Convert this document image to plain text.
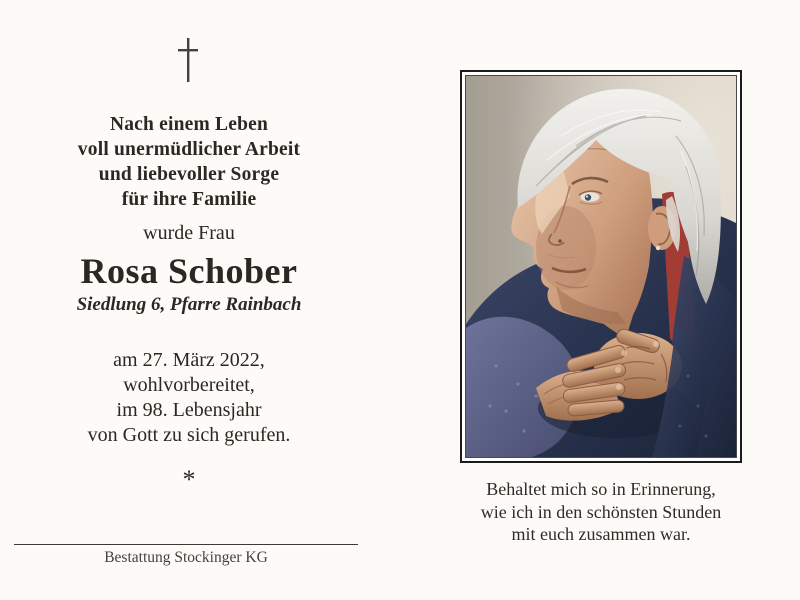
Nach einem Leben
voll unermüdlicher Arbeit
und liebevoller Sorge
für ihre Familie
wurde Frau
Rosa Schober
Siedlung 6, Pfarre Rainbach
am 27. März 2022,
wohlvorbereitet,
im 98. Lebensjahr
von Gott zu sich gerufen.
*
Bestattung Stockinger KG
Behaltet mich so in Erinnerung,
wie ich in den schönsten Stunden
mit euch zusammen war.
